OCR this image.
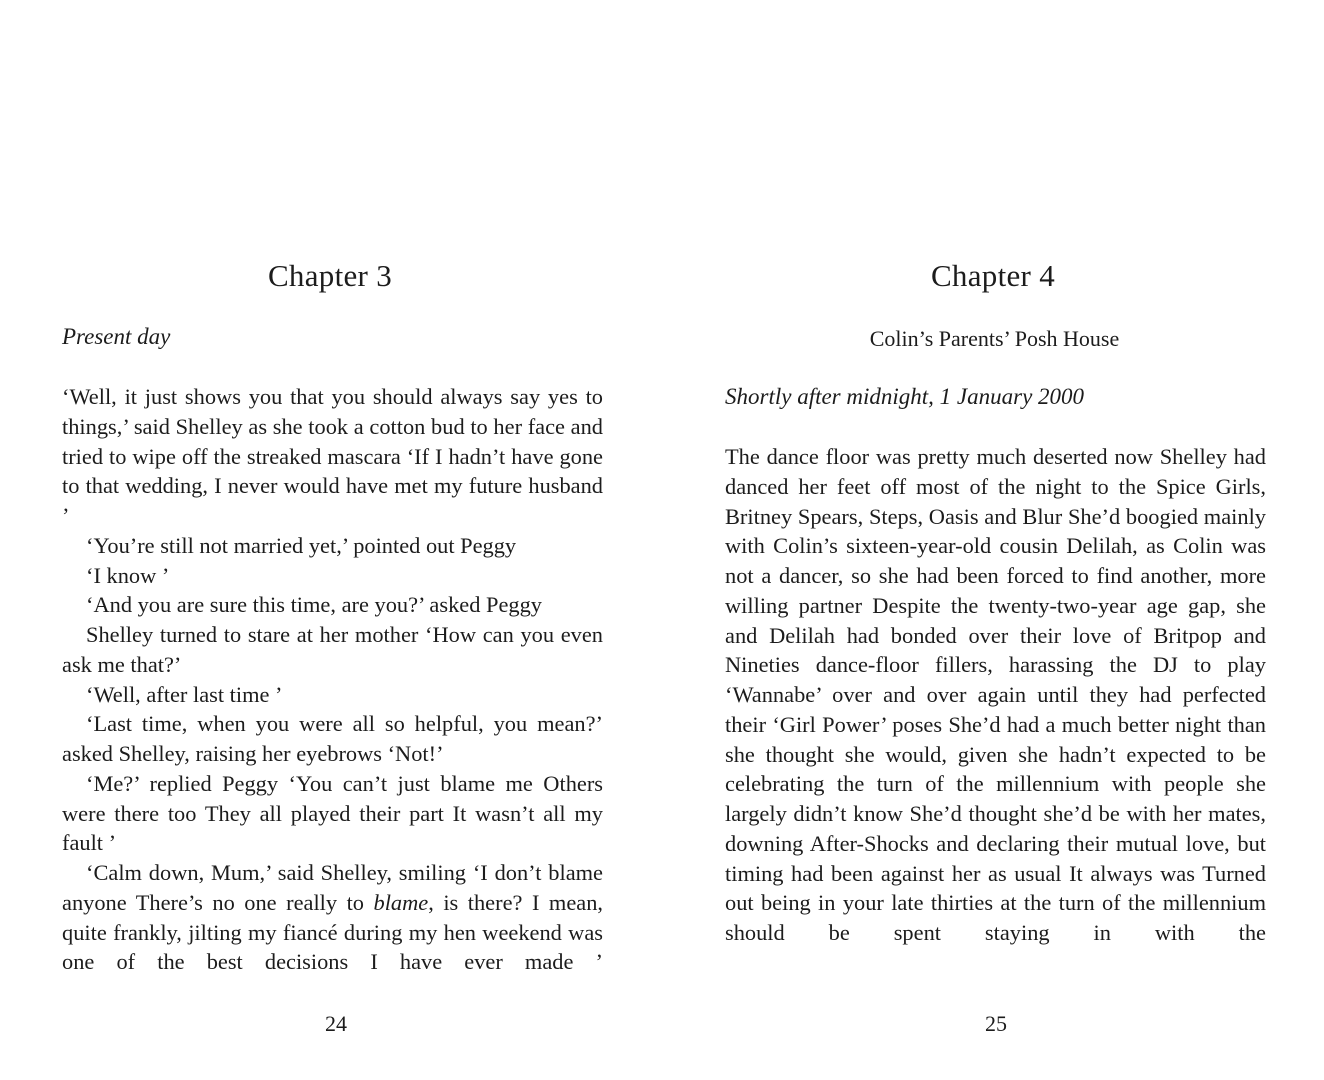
Chapter 3
Present day

‘Well, it just shows you that you should always say yes to things,’ said Shelley as she took a cotton bud to her face and tried to wipe off the streaked mascara ‘If I hadn’t have gone to that wedding, I never would have met my future husband ’

‘You’re still not married yet,’ pointed out Peggy

‘I know ’

‘And you are sure this time, are you?’ asked Peggy

Shelley turned to stare at her mother ‘How can you even ask me that?’

‘Well, after last time ’

‘Last time, when you were all so helpful, you mean?’ asked Shelley, raising her eyebrows ‘Not!’

‘Me?’ replied Peggy ‘You can’t just blame me Others were there too They all played their part It wasn’t all my fault ’

‘Calm down, Mum,’ said Shelley, smiling ‘I don’t blame anyone There’s no one really to blame, is there? I mean, quite frankly, jilting my fiancé during my hen weekend was one of the best decisions I have ever made ’

24
Chapter 4
Colin’s Parents’ Posh House
Shortly after midnight, 1 January 2000

The dance floor was pretty much deserted now Shelley had danced her feet off most of the night to the Spice Girls, Britney Spears, Steps, Oasis and Blur She’d boogied mainly with Colin’s sixteen-year-old cousin Delilah, as Colin was not a dancer, so she had been forced to find another, more willing partner Despite the twenty-two-year age gap, she and Delilah had bonded over their love of Britpop and Nineties dance-floor fillers, harassing the DJ to play ‘Wannabe’ over and over again until they had perfected their ‘Girl Power’ poses She’d had a much better night than she thought she would, given she hadn’t expected to be celebrating the turn of the millennium with people she largely didn’t know She’d thought she’d be with her mates, downing After-Shocks and declaring their mutual love, but timing had been against her as usual It always was Turned out being in your late thirties at the turn of the millennium should be spent staying in with the

25
